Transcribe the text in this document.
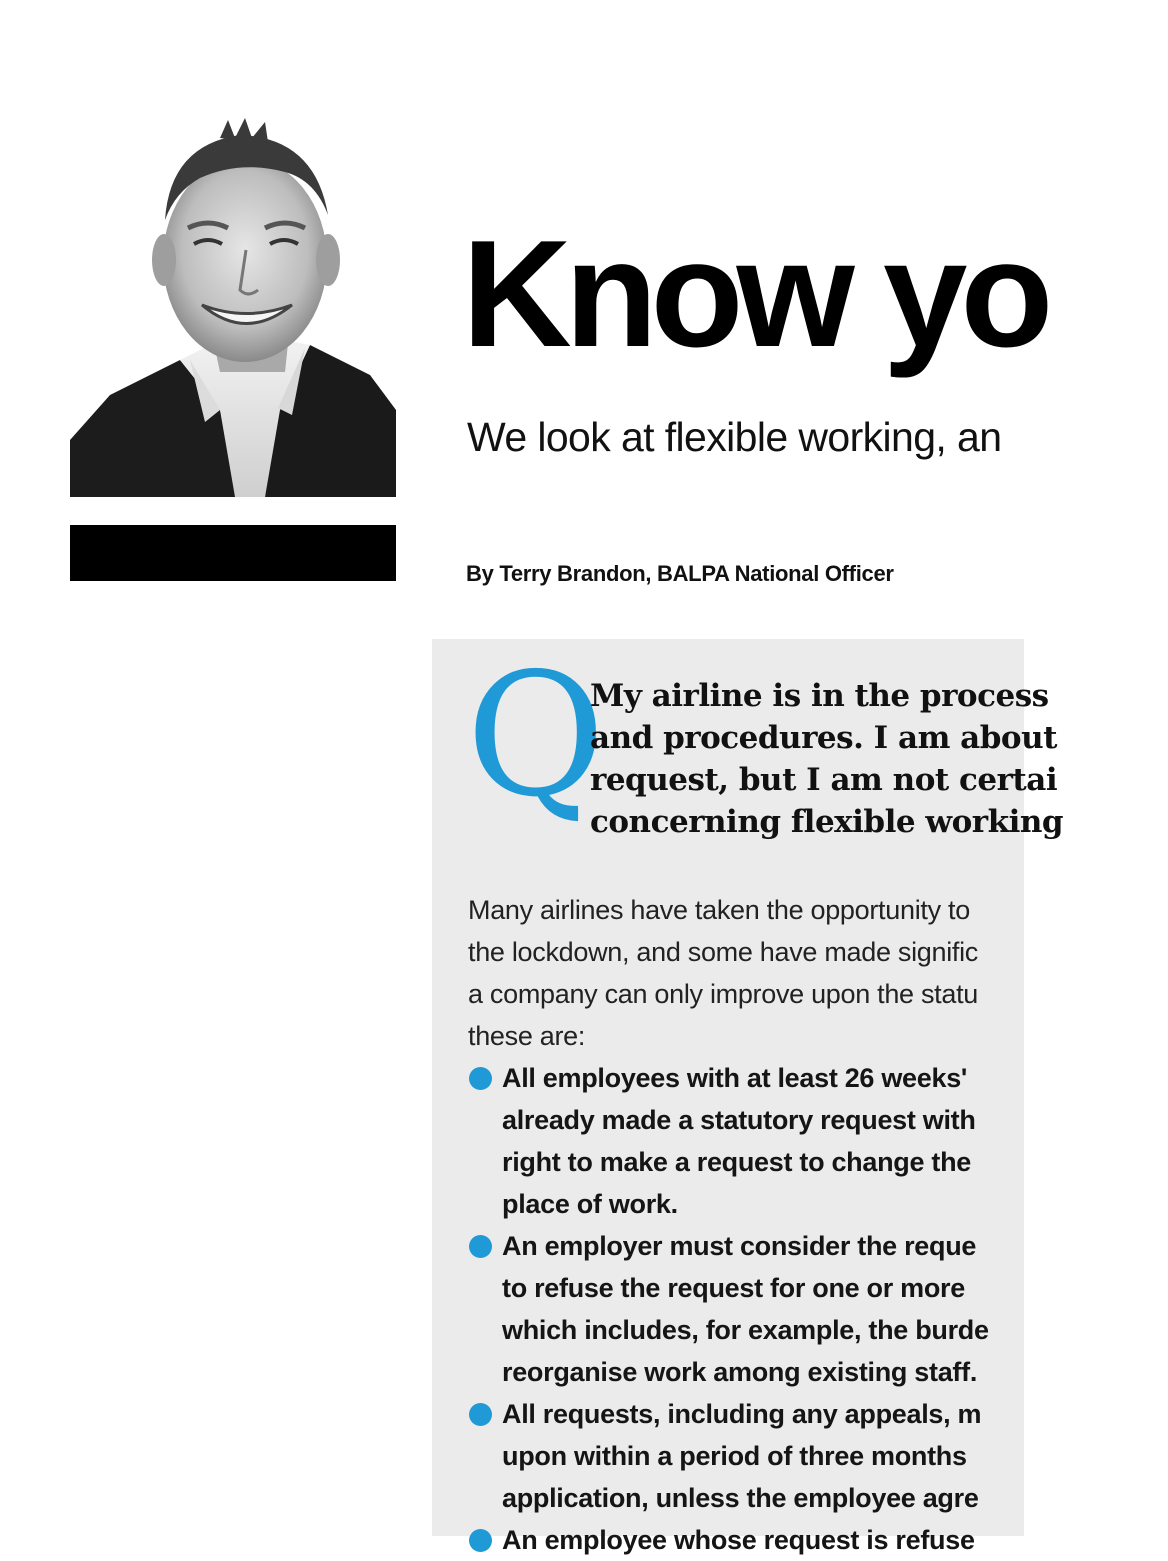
Know yo

We look at flexible working, an

By Terry Brandon, BALPA National Officer

Q

My airline is in the process
and procedures. I am about
request, but I am not certai
concerning flexible working

Many airlines have taken the opportunity to
the lockdown, and some have made signific
a company can only improve upon the statu
these are:

All employees with at least 26 weeks'
already made a statutory request with
right to make a request to change the
place of work.
An employer must consider the reque
to refuse the request for one or more
which includes, for example, the burde
reorganise work among existing staff.
All requests, including any appeals, m
upon within a period of three months
application, unless the employee agre
An employee whose request is refuse
